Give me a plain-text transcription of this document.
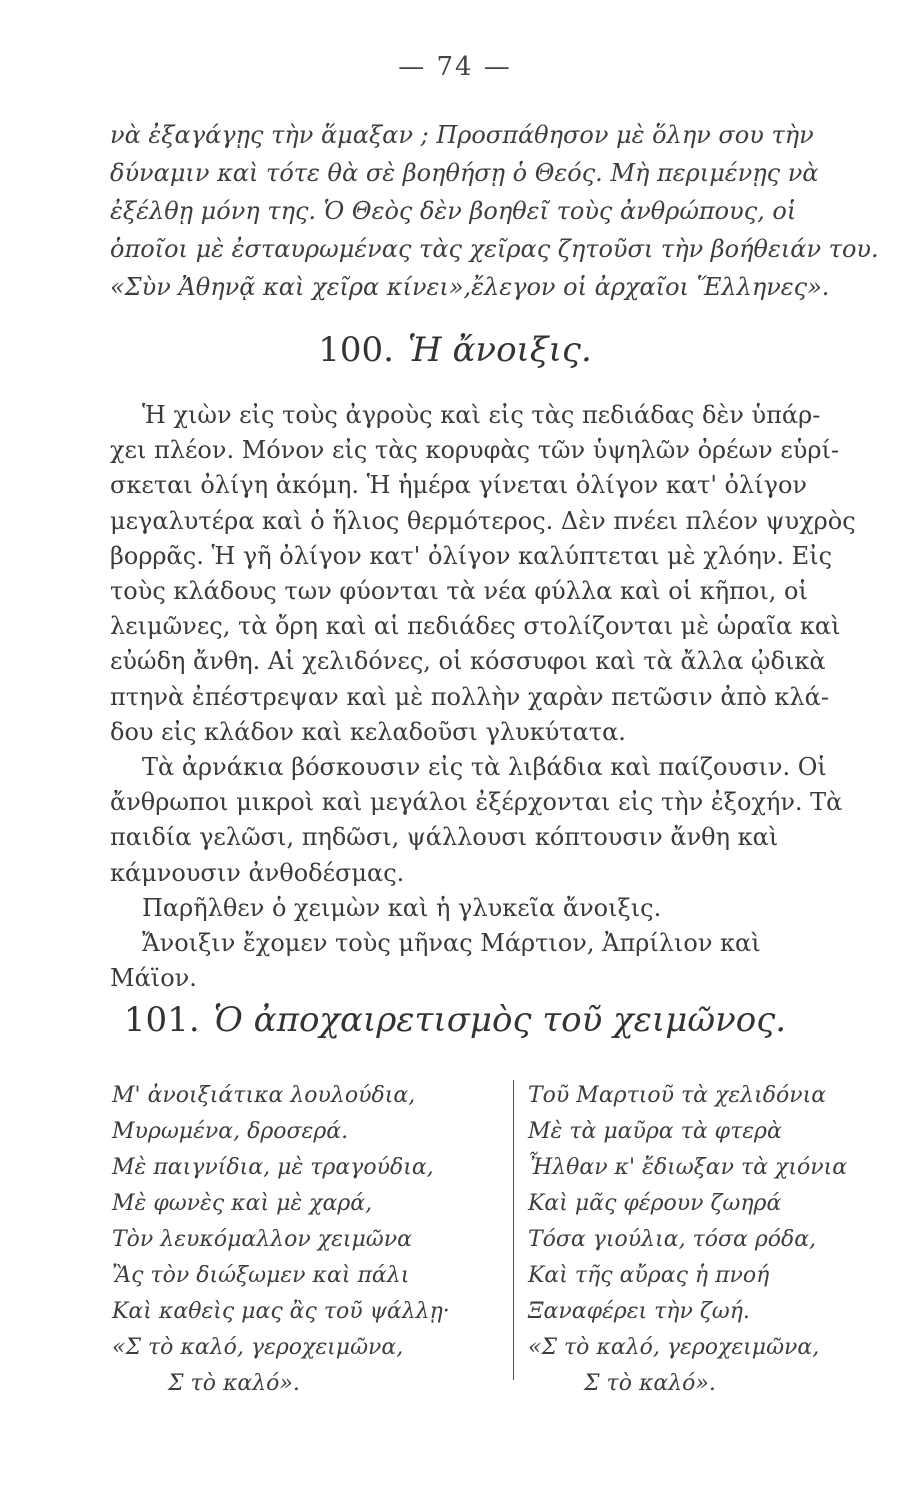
— 74 —
νὰ ἐξαγάγῃς τὴν ἅμαξαν ; Προσπάθησον μὲ ὅλην σου τὴν
δύναμιν καὶ τότε θὰ σὲ βοηθήσῃ ὁ Θεός. Μὴ περιμένῃς νὰ
ἐξέλθῃ μόνη της. Ὁ Θεὸς δὲν βοηθεῖ τοὺς ἀνθρώπους, οἱ
ὁποῖοι μὲ ἐσταυρωμένας τὰς χεῖρας ζητοῦσι τὴν βοήθειάν του.
«Σὺν Ἀθηνᾷ καὶ χεῖρα κίνει»,ἔλεγον οἱ ἀρχαῖοι Ἕλληνες».
100. Ἡ ἄνοιξις.
Ἡ χιὼν εἰς τοὺς ἀγροὺς καὶ εἰς τὰς πεδιάδας δὲν ὑπάρ-
χει πλέον. Μόνον εἰς τὰς κορυφὰς τῶν ὑψηλῶν ὀρέων εὑρί-
σκεται ὀλίγη ἀκόμη. Ἡ ἡμέρα γίνεται ὀλίγον κατ' ὀλίγον
μεγαλυτέρα καὶ ὁ ἥλιος θερμότερος. Δὲν πνέει πλέον ψυχρὸς
βορρᾶς. Ἡ γῆ ὀλίγον κατ' ὀλίγον καλύπτεται μὲ χλόην. Εἰς
τοὺς κλάδους των φύονται τὰ νέα φύλλα καὶ οἱ κῆποι, οἱ
λειμῶνες, τὰ ὄρη καὶ αἱ πεδιάδες στολίζονται μὲ ὡραῖα καὶ
εὐώδη ἄνθη. Αἱ χελιδόνες, οἱ κόσσυφοι καὶ τὰ ἄλλα ᾠδικὰ
πτηνὰ ἐπέστρεψαν καὶ μὲ πολλὴν χαρὰν πετῶσιν ἀπὸ κλά-
δου εἰς κλάδον καὶ κελαδοῦσι γλυκύτατα.
Τὰ ἀρνάκια βόσκουσιν εἰς τὰ λιβάδια καὶ παίζουσιν. Οἱ
ἄνθρωποι μικροὶ καὶ μεγάλοι ἐξέρχονται εἰς τὴν ἐξοχήν. Τὰ
παιδία γελῶσι, πηδῶσι, ψάλλουσι κόπτουσιν ἄνθη καὶ
κάμνουσιν ἀνθοδέσμας.
Παρῆλθεν ὁ χειμὼν καὶ ἡ γλυκεῖα ἄνοιξις.
Ἄνοιξιν ἔχομεν τοὺς μῆνας Μάρτιον, Ἀπρίλιον καὶ
Μάϊον.
101. Ὁ ἀποχαιρετισμὸς τοῦ χειμῶνος.
Μ' ἀνοιξιάτικα λουλούδια,
Μυρωμένα, δροσερά.
Μὲ παιγνίδια, μὲ τραγούδια,
Μὲ φωνὲς καὶ μὲ χαρά,
Τὸν λευκόμαλλον χειμῶνα
Ἂς τὸν διώξωμεν καὶ πάλι
Καὶ καθεὶς μας ἂς τοῦ ψάλλῃ·
«Σ τὸ καλό, γεροχειμῶνα,
Σ τὸ καλό».
Τοῦ Μαρτιοῦ τὰ χελιδόνια
Μὲ τὰ μαῦρα τὰ φτερὰ
Ἦλθαν κ' ἔδιωξαν τὰ χιόνια
Καὶ μᾶς φέρουν ζωηρά
Τόσα γιούλια, τόσα ρόδα,
Καὶ τῆς αὔρας ἡ πνοή
Ξαναφέρει τὴν ζωή.
«Σ τὸ καλό, γεροχειμῶνα,
Σ τὸ καλό».
